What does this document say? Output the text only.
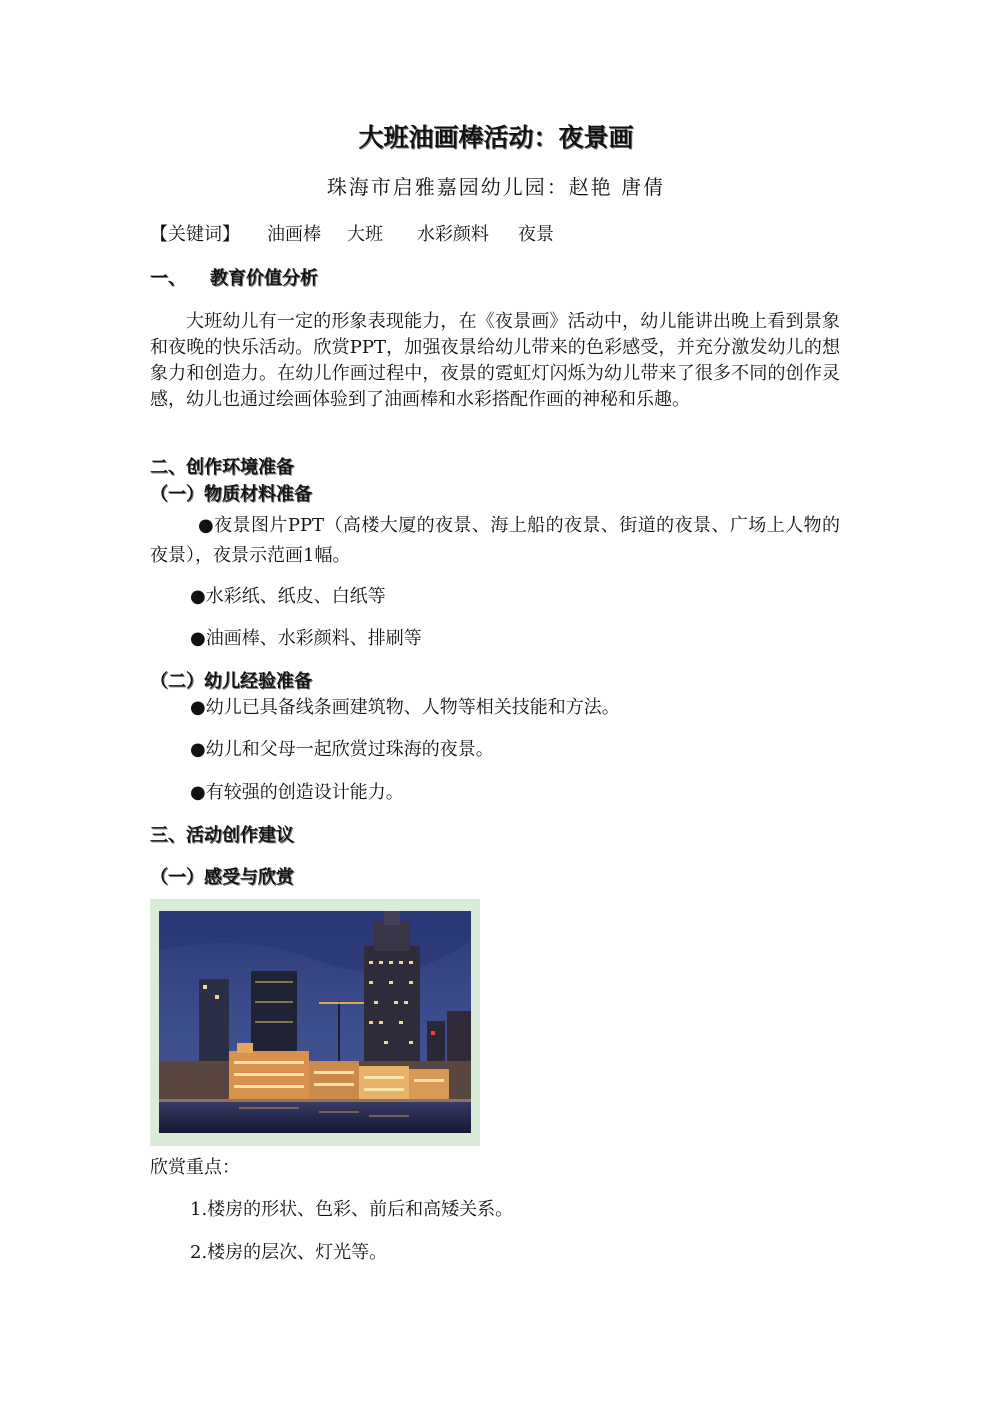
大班油画棒活动：夜景画
珠海市启雅嘉园幼儿园：赵艳 唐倩
【关键词】 油画棒 大班 水彩颜料 夜景
一、 教育价值分析
大班幼儿有一定的形象表现能力，在《夜景画》活动中，幼儿能讲出晚上看到景象和夜晚的快乐活动。欣赏PPT，加强夜景给幼儿带来的色彩感受，并充分激发幼儿的想象力和创造力。在幼儿作画过程中，夜景的霓虹灯闪烁为幼儿带来了很多不同的创作灵感，幼儿也通过绘画体验到了油画棒和水彩搭配作画的神秘和乐趣。
二、创作环境准备
（一）物质材料准备
●夜景图片PPT（高楼大厦的夜景、海上船的夜景、街道的夜景、广场上人物的夜景），夜景示范画1幅。
●水彩纸、纸皮、白纸等
●油画棒、水彩颜料、排刷等
（二）幼儿经验准备
●幼儿已具备线条画建筑物、人物等相关技能和方法。
●幼儿和父母一起欣赏过珠海的夜景。
●有较强的创造设计能力。
三、活动创作建议
（一）感受与欣赏
欣赏重点：
1.楼房的形状、色彩、前后和高矮关系。
2.楼房的层次、灯光等。
